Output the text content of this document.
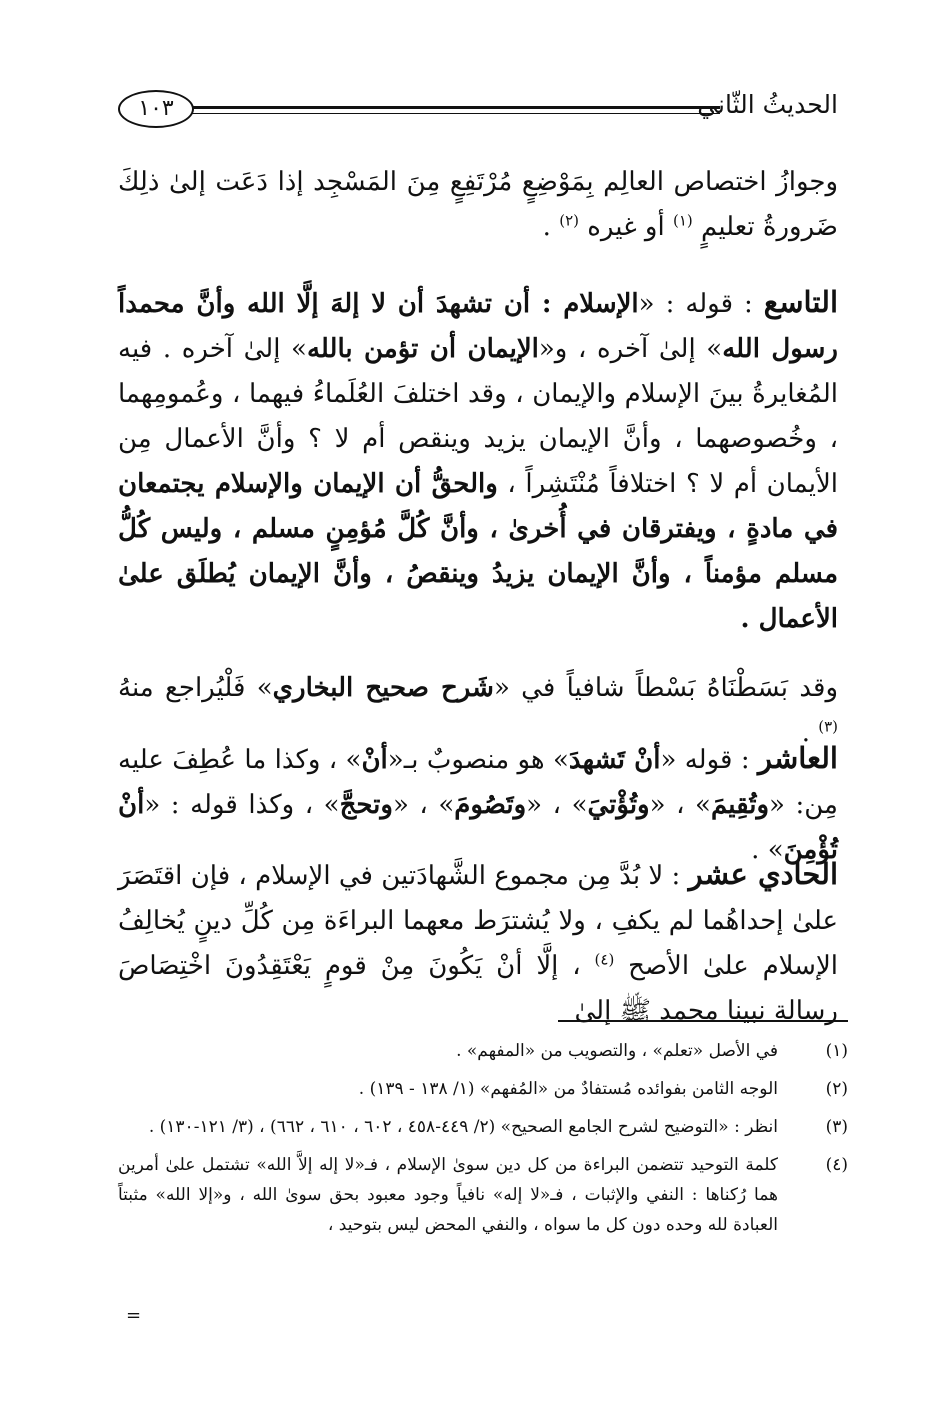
الحديثُ الثّاني
١٠٣

وجوازُ اختصاص العالِم بِمَوْضِعٍ مُرْتَفِعٍ مِنَ المَسْجِد إذا دَعَت إلىٰ ذلِكَ ضَرورةُ تعليمٍ $^{(١)}$ أو غيره $^{(٢)}$ .

التاسع : قوله : «الإسلام : أن تشهدَ أن لا إلهَ إلَّا الله وأنَّ محمداً رسول الله» إلىٰ آخره ، و«الإيمان أن تؤمن بالله» إلىٰ آخره . فيه المُغايرةُ بينَ الإسلام والإيمان ، وقد اختلفَ العُلَماءُ فيهما ، وعُمومِهما ، وخُصوصهما ، وأنَّ الإيمان يزيد وينقص أم لا ؟ وأنَّ الأعمال مِن الأيمان أم لا ؟ اختلافاً مُنْتَشِراً ، والحقُّ أن الإيمان والإسلام يجتمعان في مادةٍ ، ويفترقان في أُخرىٰ ، وأنَّ كُلَّ مُؤمِنٍ مسلم ، وليس كُلُّ مسلم مؤمناً ، وأنَّ الإيمان يزيدُ وينقصُ ، وأنَّ الإيمان يُطلَق علىٰ الأعمال .

وقد بَسَطْنَاهُ بَسْطاً شافياً في «شَرح صحيح البخاري» فَلْيُراجع منهُ $^{(٣)}$ .

العاشر : قوله «أنْ تَشهدَ» هو منصوبٌ بـ«أنْ» ، وكذا ما عُطِفَ عليه مِن: «وتُقِيمَ» ، «وتُؤْتيَ» ، «وتَصُومَ» ، «وتحجَّ» ، وكذا قوله : «أنْ تُؤْمِنَ» .

الحادي عشر : لا بُدَّ مِن مجموع الشَّهادَتين في الإسلام ، فإن اقتَصَرَ علىٰ إحداهُما لم يكفِ ، ولا يُشترَط معهما البراءَة مِن كُلِّ دينٍ يُخالِفُ الإسلام علىٰ الأصح $^{(٤)}$ ، إلَّا أنْ يَكُونَ مِنْ قومٍ يَعْتَقِدُونَ اخْتِصَاصَ رسالة نبينا محمد ﷺ إلىٰ

(١)
في الأصل «تعلم» ، والتصويب من «المفهم» .

(٢)
الوجه الثامن بفوائده مُستفادٌ من «المُفهم» (١/ ١٣٨ - ١٣٩) .

(٣)
انظر : «التوضيح لشرح الجامع الصحيح» (٢/ ٤٤٩-٤٥٨ ، ٦٠٢ ، ٦١٠ ، ٦٦٢) ، (٣/ ١٢١-١٣٠) .

(٤)
كلمة التوحيد تتضمن البراءة من كل دين سوىٰ الإسلام ، فـ«لا إله إلاَّ الله» تشتمل علىٰ أمرين هما رُكناها : النفي والإثبات ، فـ«لا إله» نافياً وجود معبود بحق سوىٰ الله ، و«إلا الله» مثبتاً العبادة لله وحده دون كل ما سواه ، والنفي المحض ليس بتوحيد ،

=
